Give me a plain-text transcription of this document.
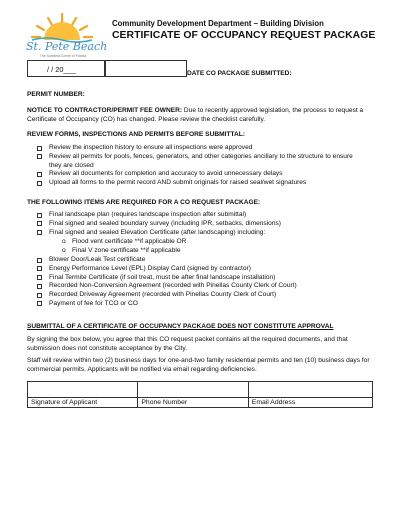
St. Pete Beach
The Sunniest Corner of Florida
Community Development Department – Building Division
CERTIFICATE OF OCCUPANCY REQUEST PACKAGE
/ / 20___	DATE CO PACKAGE SUBMITTED:
PERMIT NUMBER:
NOTICE TO CONTRACTOR/PERMIT FEE OWNER: Due to recently approved legislation, the process to request a Certificate of Occupancy (CO) has changed. Please review the checklist carefully.
REVIEW FORMS, INSPECTIONS AND PERMITS BEFORE SUBMITTAL:
Review the inspection history to ensure all inspections were approved
Review all permits for pools, fences, generators, and other categories ancillary to the structure to ensure they are closed
Review all documents for completion and accuracy to avoid unnecessary delays
Upload all forms to the permit record AND submit originals for raised seal/wet signatures
THE FOLLOWING ITEMS ARE REQUIRED FOR A CO REQUEST PACKAGE:
Final landscape plan (requires landscape inspection after submittal)
Final signed and sealed boundary survey (including IPR, setbacks, dimensions)
Final signed and sealed Elevation Certificate (after landscaping) including:
o Flood vent certificate **if applicable OR
o Final V zone certificate **if applicable
Blower Door/Leak Test certificate
Energy Performance Level (EPL) Display Card (signed by contractor)
Final Termite Certificate (if soil treat, must be after final landscape installation)
Recorded Non-Conversion Agreement (recorded with Pinellas County Clerk of Court)
Recorded Driveway Agreement (recorded with Pinellas County Clerk of Court)
Payment of fee for TCO or CO
SUBMITTAL OF A CERTIFICATE OF OCCUPANCY PACKAGE DOES NOT CONSTITUTE APPROVAL
By signing the box below, you agree that this CO request packet contains all the required documents, and that submission does not constitute acceptance by the City.
Staff will review within two (2) business days for one-and-two family residential permits and ten (10) business days for commercial permits. Applicants will be notified via email regarding deficiencies.

Signature of Applicant	Phone Number	Email Address
